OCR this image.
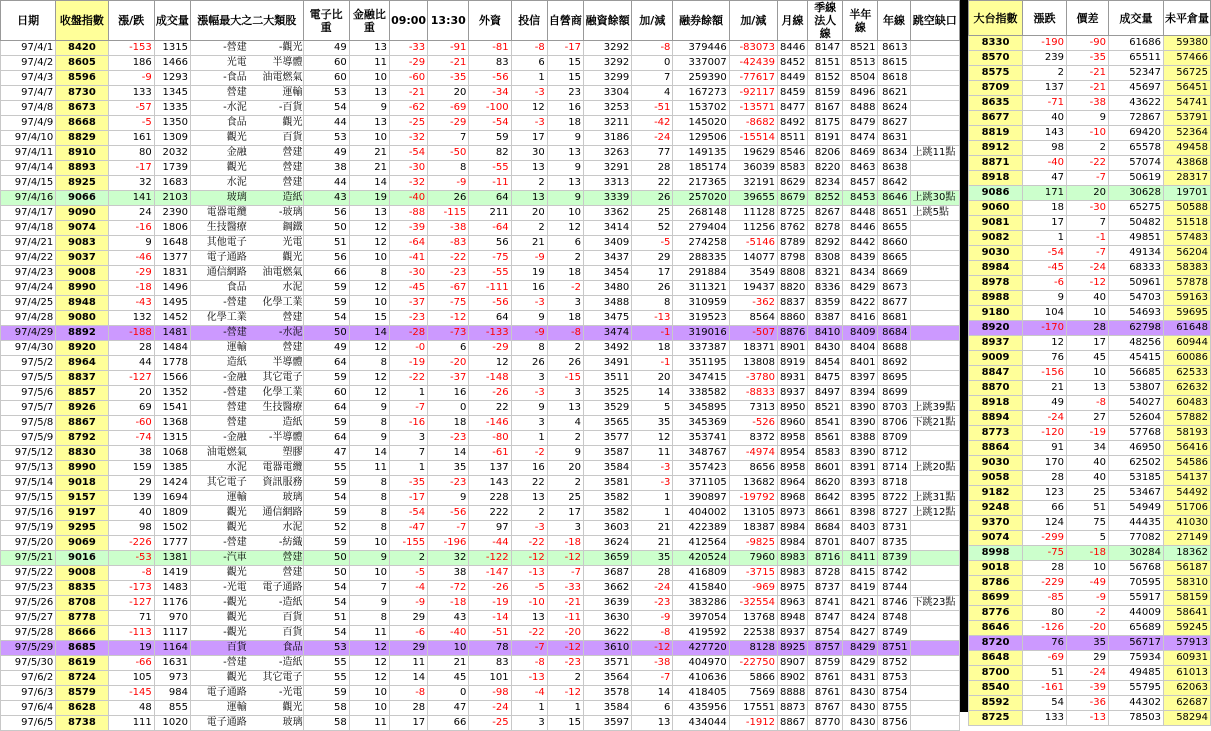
日期	收盤指數	漲/跌	成交量	漲幅最大之二大類股	電子比重	金融比重	09:00	13:30	外資	投信	自營商	融資餘額	加/減	融券餘額	加/減	月線	季線法人線	半年線	年線	跳空缺口
97/4/1	8420	-153	1315	-營建 -觀光	49	13	-33	-91	-81	-8	-17	3292	-8	379446	-83073	8446	8147	8521	8613	
97/4/2	8605	186	1466	光電 半導體	60	11	-29	-21	83	6	15	3292	0	337007	-42439	8452	8151	8513	8615	
97/4/3	8596	-9	1293	-食品 油電燃氣	60	10	-60	-35	-56	1	15	3299	7	259390	-77617	8449	8152	8504	8618	
97/4/7	8730	133	1345	營建 運輸	53	13	-21	20	-34	-3	23	3304	4	167273	-92117	8459	8159	8496	8621	
97/4/8	8673	-57	1335	-水泥 -百貨	54	9	-62	-69	-100	12	16	3253	-51	153702	-13571	8477	8167	8488	8624	
97/4/9	8668	-5	1350	食品 觀光	44	13	-25	-29	-54	-3	18	3211	-42	145020	-8682	8492	8175	8479	8627	
97/4/10	8829	161	1309	觀光 百貨	53	10	-32	7	59	17	9	3186	-24	129506	-15514	8511	8191	8474	8631	
97/4/11	8910	80	2032	金融 營建	49	21	-54	-50	82	30	13	3263	77	149135	19629	8546	8206	8469	8634	上跳11點
97/4/14	8893	-17	1739	觀光 營建	38	21	-30	8	-55	13	9	3291	28	185174	36039	8583	8220	8463	8638	
97/4/15	8925	32	1683	水泥 營建	44	14	-32	-9	-11	2	13	3313	22	217365	32191	8629	8234	8457	8642	
97/4/16	9066	141	2103	玻璃 造紙	43	19	-40	26	64	13	9	3339	26	257020	39655	8679	8252	8453	8646	上跳30點
97/4/17	9090	24	2390	電器電纜 -玻璃	56	13	-88	-115	211	20	10	3362	25	268148	11128	8725	8267	8448	8651	上跳5點
97/4/18	9074	-16	1806	生技醫療 鋼鐵	50	12	-39	-38	-64	2	12	3414	52	279404	11256	8762	8278	8446	8655	
97/4/21	9083	9	1648	其他電子 光電	51	12	-64	-83	56	21	6	3409	-5	274258	-5146	8789	8292	8442	8660	
97/4/22	9037	-46	1377	電子通路 觀光	56	10	-41	-22	-75	-9	2	3437	29	288335	14077	8798	8308	8439	8665	
97/4/23	9008	-29	1831	通信網路 油電燃氣	66	8	-30	-23	-55	19	18	3454	17	291884	3549	8808	8321	8434	8669	
97/4/24	8990	-18	1496	食品 水泥	59	12	-45	-67	-111	16	-2	3480	26	311321	19437	8820	8336	8429	8673	
97/4/25	8948	-43	1495	-營建 化學工業	59	10	-37	-75	-56	-3	3	3488	8	310959	-362	8837	8359	8422	8677	
97/4/28	9080	132	1452	化學工業 營建	54	15	-23	-12	64	9	18	3475	-13	319523	8564	8860	8387	8416	8681	
97/4/29	8892	-188	1481	-營建 -水泥	50	14	-28	-73	-133	-9	-8	3474	-1	319016	-507	8876	8410	8409	8684	
97/4/30	8920	28	1484	運輸 營建	49	12	-0	6	-29	8	2	3492	18	337387	18371	8901	8430	8404	8688	
97/5/2	8964	44	1778	造紙 半導體	64	8	-19	-20	12	26	26	3491	-1	351195	13808	8919	8454	8401	8692	
97/5/5	8837	-127	1566	-金融 其它電子	59	12	-22	-37	-148	3	-15	3511	20	347415	-3780	8931	8475	8397	8695	
97/5/6	8857	20	1352	-營建 化學工業	60	12	1	16	-26	-3	3	3525	14	338582	-8833	8937	8497	8394	8699	
97/5/7	8926	69	1541	營建 生技醫療	64	9	-7	0	22	9	13	3529	5	345895	7313	8950	8521	8390	8703	上跳39點
97/5/8	8867	-60	1368	營建 造紙	59	8	-16	18	-146	3	4	3565	35	345369	-526	8960	8541	8390	8706	下跳21點
97/5/9	8792	-74	1315	-金融 -半導體	64	9	3	-23	-80	1	2	3577	12	353741	8372	8958	8561	8388	8709	
97/5/12	8830	38	1068	油電燃氣 塑膠	47	14	7	14	-61	-2	9	3587	11	348767	-4974	8954	8583	8390	8712	
97/5/13	8990	159	1385	水泥 電器電纜	55	11	1	35	137	16	20	3584	-3	357423	8656	8958	8601	8391	8714	上跳20點
97/5/14	9018	29	1424	其它電子 資訊服務	59	8	-35	-23	143	22	2	3581	-3	371105	13682	8964	8620	8393	8718	
97/5/15	9157	139	1694	運輸 玻璃	54	8	-17	9	228	13	25	3582	1	390897	-19792	8968	8642	8395	8722	上跳31點
97/5/16	9197	40	1809	觀光 通信網路	59	8	-54	-56	222	2	17	3582	1	404002	13105	8973	8661	8398	8727	上跳12點
97/5/19	9295	98	1502	觀光 水泥	52	8	-47	-7	97	-3	3	3603	21	422389	18387	8984	8684	8403	8731	
97/5/20	9069	-226	1777	-營建 -紡織	59	10	-155	-196	-44	-22	-18	3624	21	412564	-9825	8984	8701	8407	8735	
97/5/21	9016	-53	1381	-汽車 營建	50	9	2	32	-122	-12	-12	3659	35	420524	7960	8983	8716	8411	8739	
97/5/22	9008	-8	1419	觀光 營建	50	10	-5	38	-147	-13	-7	3687	28	416809	-3715	8983	8728	8415	8742	
97/5/23	8835	-173	1483	-光電 電子通路	54	7	-4	-72	-26	-5	-33	3662	-24	415840	-969	8975	8737	8419	8744	
97/5/26	8708	-127	1176	-觀光 -造紙	54	9	-9	-18	-19	-10	-21	3639	-23	383286	-32554	8963	8741	8421	8746	下跳23點
97/5/27	8778	71	970	觀光 百貨	51	8	29	43	-14	13	-11	3630	-9	397054	13768	8948	8747	8424	8748	
97/5/28	8666	-113	1117	-觀光 百貨	54	11	-6	-40	-51	-22	-20	3622	-8	419592	22538	8937	8754	8427	8749	
97/5/29	8685	19	1164	百貨 食品	53	12	29	10	78	-7	-12	3610	-12	427720	8128	8925	8757	8429	8751	
97/5/30	8619	-66	1631	-營建 -造紙	55	12	11	21	83	-8	-23	3571	-38	404970	-22750	8907	8759	8429	8752	
97/6/2	8724	105	973	觀光 其它電子	55	12	14	45	101	-13	2	3564	-7	410636	5866	8902	8761	8431	8753	
97/6/3	8579	-145	984	電子通路 -光電	59	10	-8	0	-98	-4	-12	3578	14	418405	7569	8888	8761	8430	8754	
97/6/4	8628	48	855	運輸 觀光	58	10	28	47	-24	1	1	3584	6	435956	17551	8873	8767	8430	8755	
97/6/5	8738	111	1020	電子通路 玻璃	58	11	17	66	-25	3	15	3597	13	434044	-1912	8867	8770	8430	8756	
大台指數	漲跌	價差	成交量	未平倉量
8330	-190	-90	61686	59380
8570	239	-35	65511	57466
8575	2	-21	52347	56725
8709	137	-21	45697	56451
8635	-71	-38	43622	54741
8677	40	9	72867	53791
8819	143	-10	69420	52364
8912	98	2	65578	49458
8871	-40	-22	57074	43868
8918	47	-7	50619	28317
9086	171	20	30628	19701
9060	18	-30	65275	50588
9081	17	7	50482	51518
9082	1	-1	49851	57483
9030	-54	-7	49134	56204
8984	-45	-24	68333	58383
8978	-6	-12	50961	57878
8988	9	40	54703	59163
9180	104	10	54693	59695
8920	-170	28	62798	61648
8937	12	17	48256	60944
9009	76	45	45415	60086
8847	-156	10	56685	62533
8870	21	13	53807	62632
8918	49	-8	54027	60483
8894	-24	27	52604	57882
8773	-120	-19	57768	58193
8864	91	34	46950	56416
9030	170	40	62502	54586
9058	28	40	53185	54137
9182	123	25	53467	54492
9248	66	51	54949	51706
9370	124	75	44435	41030
9074	-299	5	77082	27149
8998	-75	-18	30284	18362
9018	28	10	56768	56187
8786	-229	-49	70595	58310
8699	-85	-9	55917	58159
8776	80	-2	44009	58641
8646	-126	-20	65689	59245
8720	76	35	56717	57913
8648	-69	29	75934	60931
8700	51	-24	49485	61013
8540	-161	-39	55795	62063
8592	54	-36	44302	62687
8725	133	-13	78503	58294
